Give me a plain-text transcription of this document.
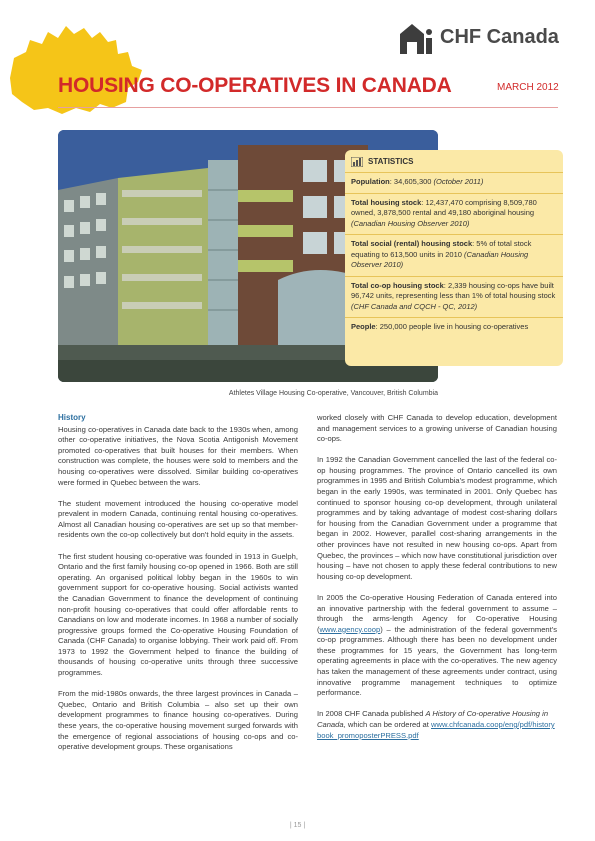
CHF Canada
HOUSING CO-OPERATIVES IN CANADA	MARCH 2012
Athletes Village Housing Co-operative, Vancouver, British Columbia
STATISTICS

Population: 34,605,300 (October 2011)

Total housing stock: 12,437,470 comprising 8,509,780 owned, 3,878,500 rental and 49,180 aboriginal housing (Canadian Housing Observer 2010)

Total social (rental) housing stock: 5% of total stock equating to 613,500 units in 2010 (Canadian Housing Observer 2010)

Total co-op housing stock: 2,339 housing co-ops have built 96,742 units, representing less than 1% of total housing stock (CHF Canada and CQCH - QC, 2012)

People: 250,000 people live in housing co-operatives

History

Housing co-operatives in Canada date back to the 1930s when, among other co-operative initiatives, the Nova Scotia Antigonish Movement promoted co-operatives that built houses for their members. When construction was complete, the houses were sold to members and the housing co-operatives were dissolved. Similar building co-operatives were formed in Quebec between the wars.

The student movement introduced the housing co-operative model prevalent in modern Canada, continuing rental housing co-operatives. Almost all Canadian housing co-operatives are set up so that member-residents own the co-op collectively but don't hold equity in the assets.

The first student housing co-operative was founded in 1913 in Guelph, Ontario and the first family housing co-op opened in 1966. Both are still operating. An organised political lobby began in the 1960s to win government support for co-operative housing. Social activists wanted the Canadian Government to finance the development of continuing non-profit housing co-operatives that could offer affordable rents to Canadians on low and moderate incomes. In 1968 a number of socially progressive groups formed the Co-operative Housing Foundation of Canada (CHF Canada) to organise lobbying. Their work paid off. From 1973 to 1992 the Government helped to finance the building of thousands of housing co-operative units through three successive programmes.

From the mid-1980s onwards, the three largest provinces in Canada – Quebec, Ontario and British Columbia – also set up their own development programmes to finance housing co-operatives. During these years, the co-operative housing movement surged forwards with the emergence of regional associations of housing co-ops and co-operative development groups. These organisations

worked closely with CHF Canada to develop education, development and management services to a growing universe of Canadian housing co-ops.

In 1992 the Canadian Government cancelled the last of the federal co-op housing programmes. The province of Ontario cancelled its own programmes in 1995 and British Columbia's modest programme, which began in the early 1990s, was terminated in 2001. Only Quebec has continued to sponsor housing co-op development, through unilateral programmes and by taking advantage of modest cost-sharing dollars for housing from the Canadian Government under a programme that began in 2002. However, parallel cost-sharing arrangements in the other provinces have not resulted in new housing co-ops. Apart from Quebec, the provinces – which now have constitutional jurisdiction over housing – have not chosen to apply these federal contributions to new housing co-op development.

In 2005 the Co-operative Housing Federation of Canada entered into an innovative partnership with the federal government to assume – through the arms-length Agency for Co-operative Housing (www.agency.coop) – the administration of the federal government's co-op programmes. Although there has been no development under these programmes for 15 years, the Government has long-term operating agreements in place with the co-operatives. The new agency has taken the management of these agreements under contract, using innovative programme management techniques to optimize performance.

In 2008 CHF Canada published A History of Co-operative Housing in Canada, which can be ordered at www.chfcanada.coop/eng/pdf/historybook_promoposterPRESS.pdf

| 15 |
